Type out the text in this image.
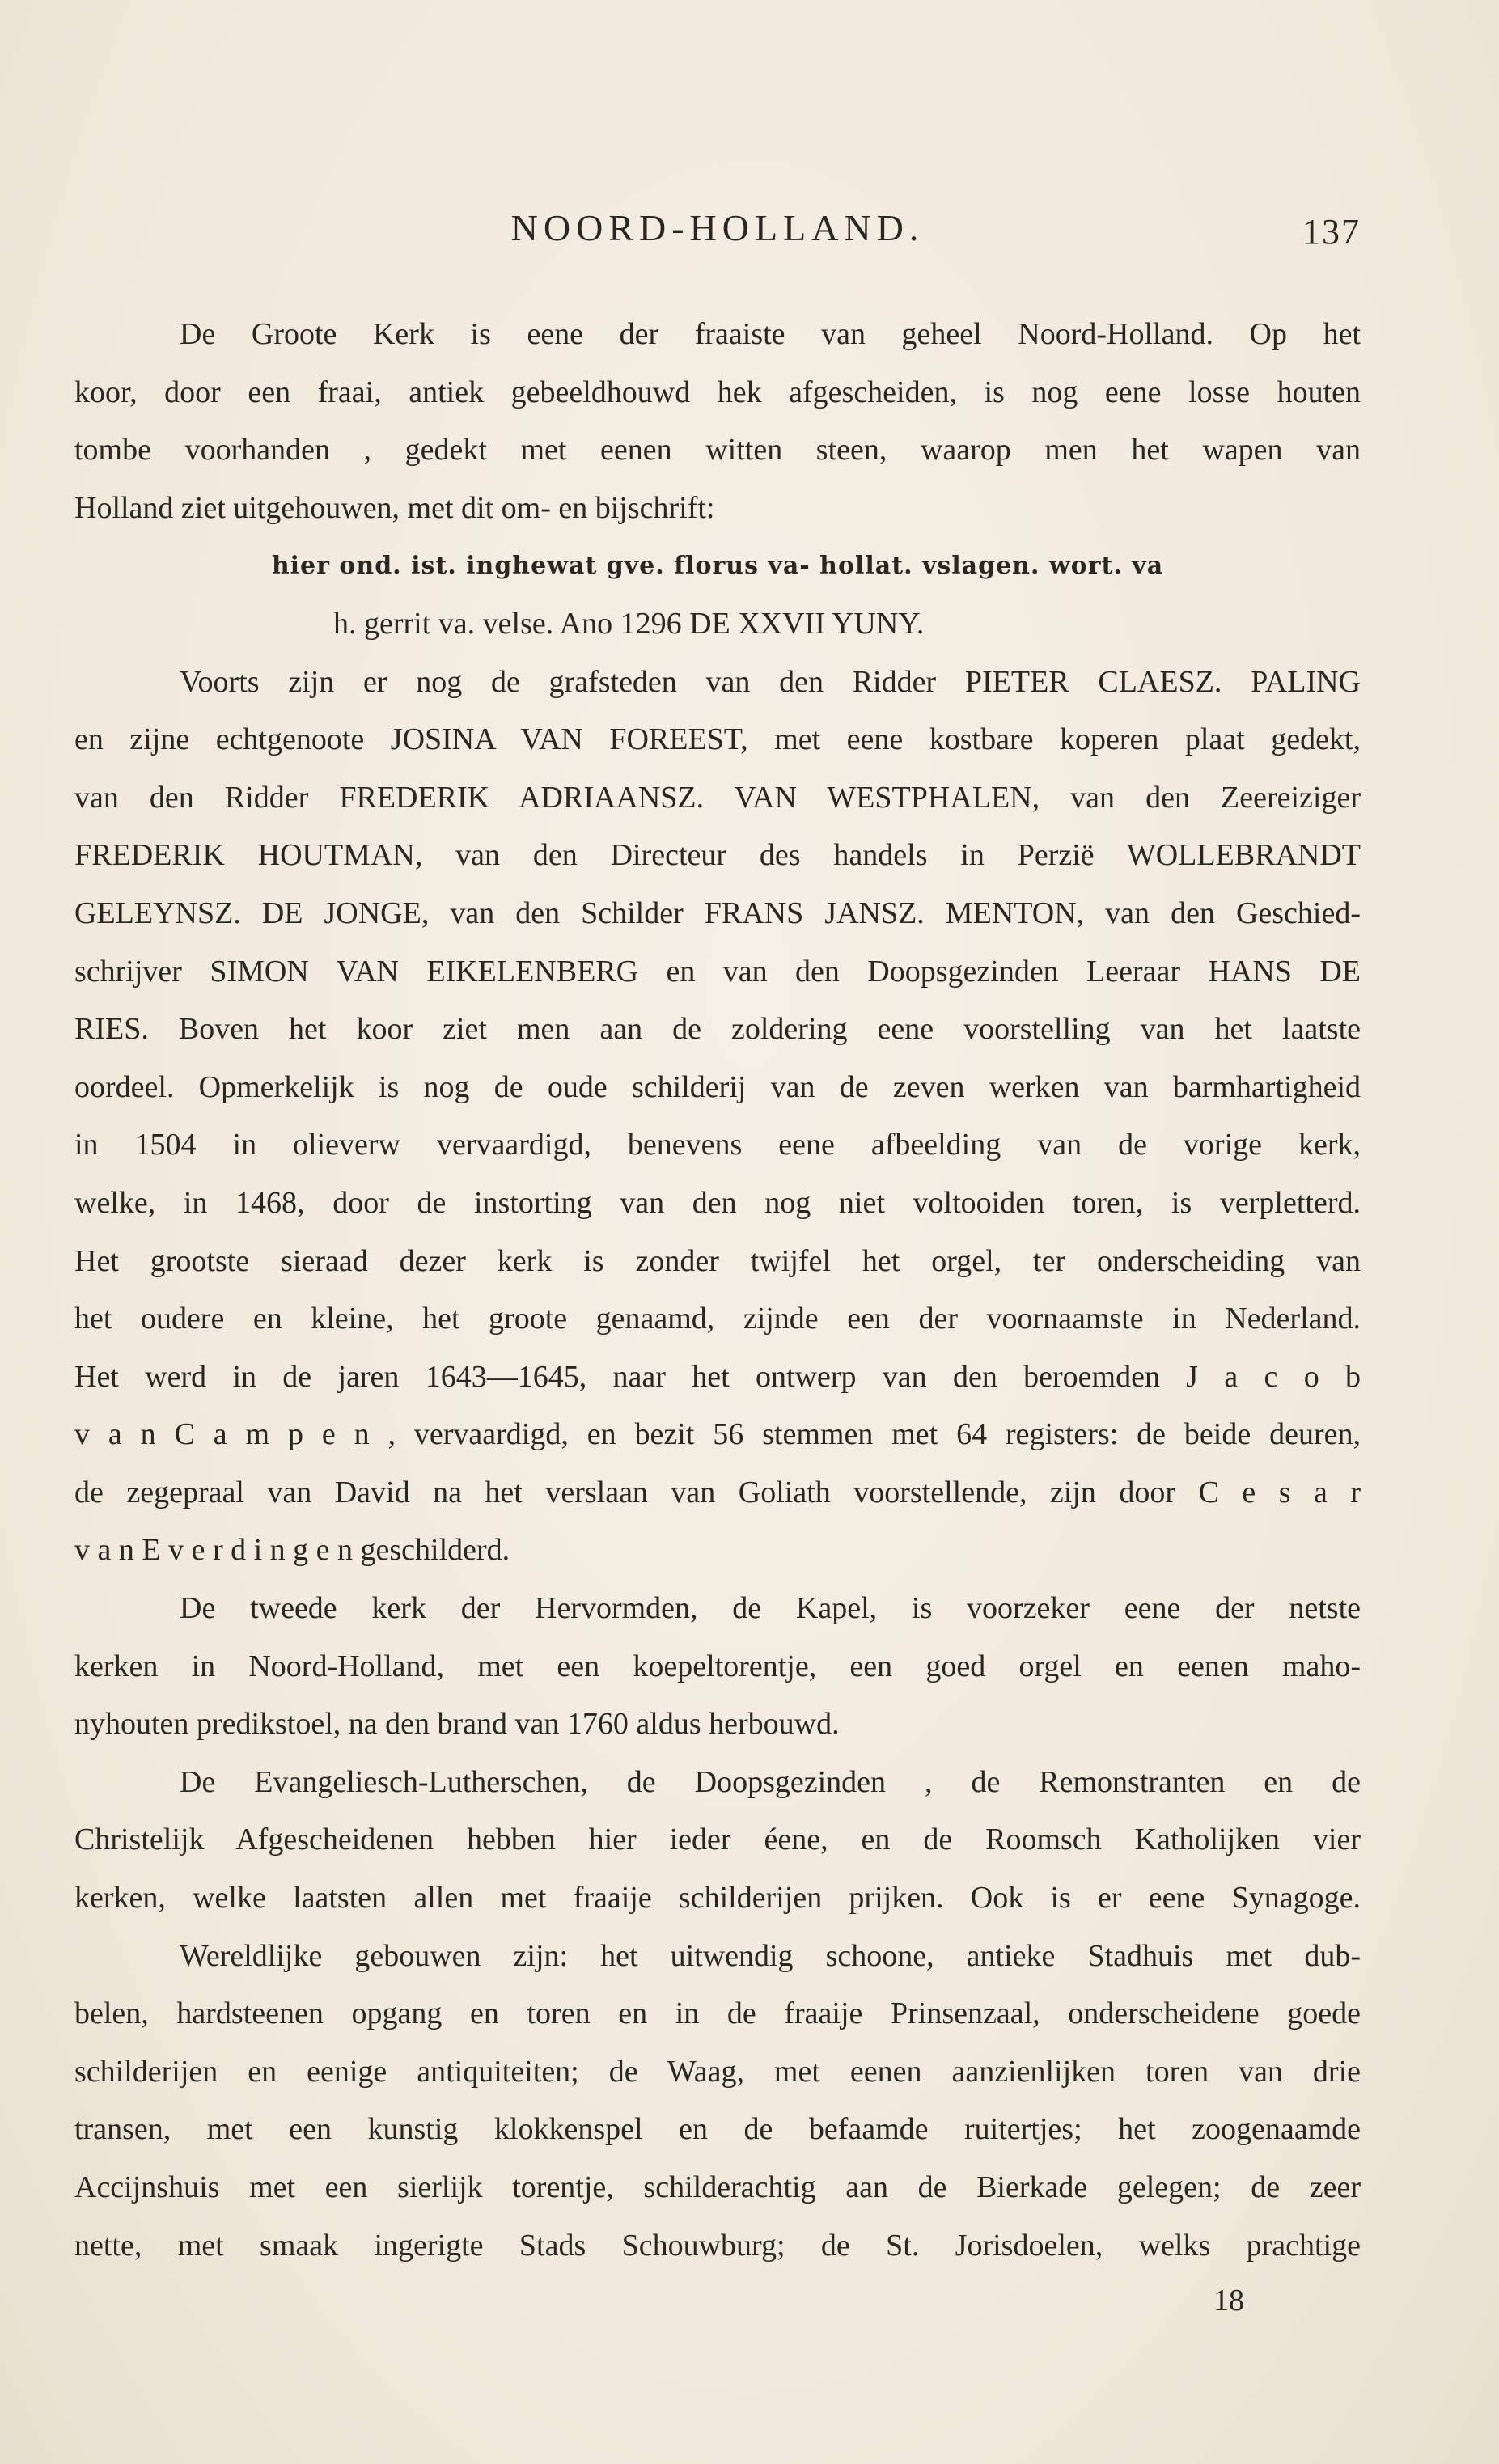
NOORD-HOLLAND.	137
De Groote Kerk is eene der fraaiste van geheel Noord-Holland. Op het
koor, door een fraai, antiek gebeeldhouwd hek afgescheiden, is nog eene losse houten
tombe voorhanden , gedekt met eenen witten steen, waarop men het wapen van
Holland ziet uitgehouwen, met dit om- en bijschrift:
hier ond. ist. inghewat gve. florus va- hollat. vslagen. wort. va
h. gerrit va. velse. Ano 1296 DE XXVII YUNY.
Voorts zijn er nog de grafsteden van den Ridder PIETER CLAESZ. PALING
en zijne echtgenoote JOSINA VAN FOREEST, met eene kostbare koperen plaat gedekt,
van den Ridder FREDERIK ADRIAANSZ. VAN WESTPHALEN, van den Zeereiziger
FREDERIK HOUTMAN, van den Directeur des handels in Perzië WOLLEBRANDT
GELEYNSZ. DE JONGE, van den Schilder FRANS JANSZ. MENTON, van den Geschied-
schrijver SIMON VAN EIKELENBERG en van den Doopsgezinden Leeraar HANS DE
RIES. Boven het koor ziet men aan de zoldering eene voorstelling van het laatste
oordeel. Opmerkelijk is nog de oude schilderij van de zeven werken van barmhartigheid
in 1504 in olieverw vervaardigd, benevens eene afbeelding van de vorige kerk,
welke, in 1468, door de instorting van den nog niet voltooiden toren, is verpletterd.
Het grootste sieraad dezer kerk is zonder twijfel het orgel, ter onderscheiding van
het oudere en kleine, het groote genaamd, zijnde een der voornaamste in Nederland.
Het werd in de jaren 1643—1645, naar het ontwerp van den beroemden J a c o b
v a n C a m p e n , vervaardigd, en bezit 56 stemmen met 64 registers: de beide deuren,
de zegepraal van David na het verslaan van Goliath voorstellende, zijn door C e s a r
v a n E v e r d i n g e n geschilderd.
De tweede kerk der Hervormden, de Kapel, is voorzeker eene der netste
kerken in Noord-Holland, met een koepeltorentje, een goed orgel en eenen maho-
nyhouten predikstoel, na den brand van 1760 aldus herbouwd.
De Evangeliesch-Lutherschen, de Doopsgezinden , de Remonstranten en de
Christelijk Afgescheidenen hebben hier ieder éene, en de Roomsch Katholijken vier
kerken, welke laatsten allen met fraaije schilderijen prijken. Ook is er eene Synagoge.
Wereldlijke gebouwen zijn: het uitwendig schoone, antieke Stadhuis met dub-
belen, hardsteenen opgang en toren en in de fraaije Prinsenzaal, onderscheidene goede
schilderijen en eenige antiquiteiten; de Waag, met eenen aanzienlijken toren van drie
transen, met een kunstig klokkenspel en de befaamde ruitertjes; het zoogenaamde
Accijnshuis met een sierlijk torentje, schilderachtig aan de Bierkade gelegen; de zeer
nette, met smaak ingerigte Stads Schouwburg; de St. Jorisdoelen, welks prachtige
18
